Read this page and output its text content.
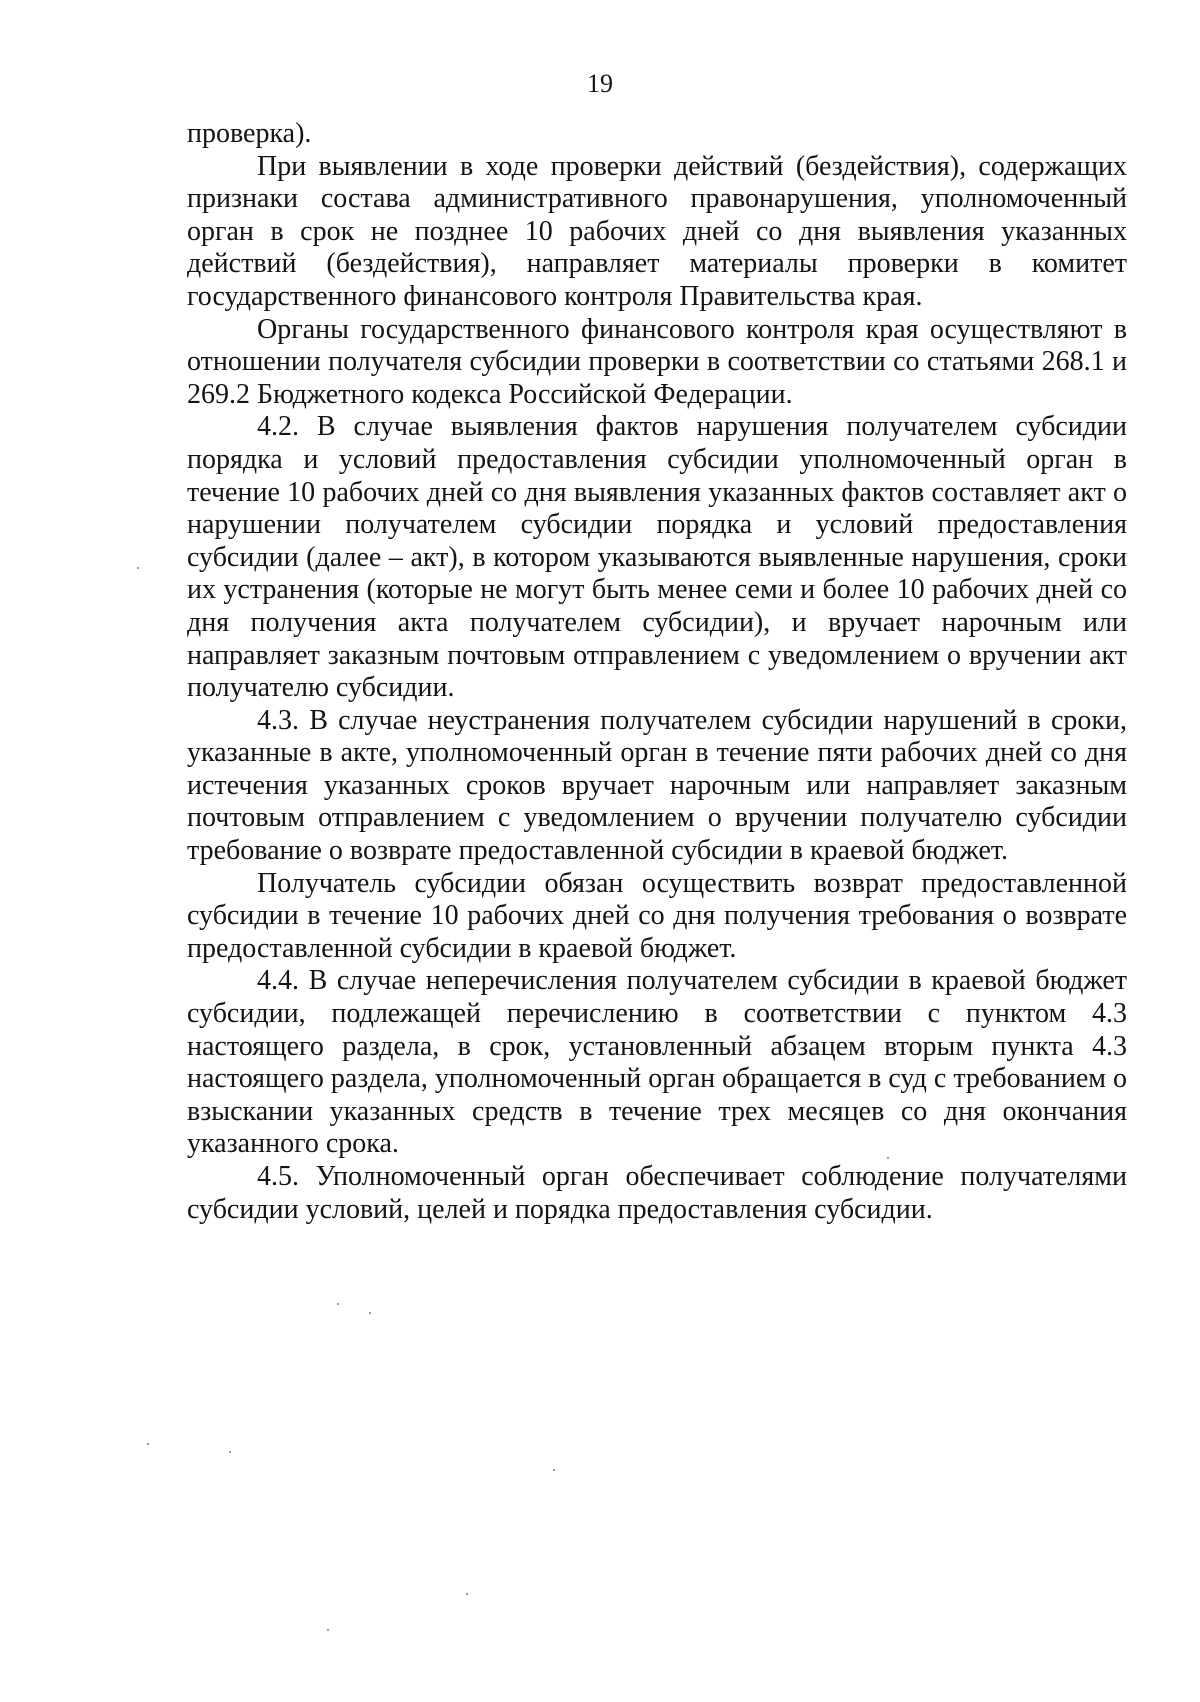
19

проверка).

При выявлении в ходе проверки действий (бездействия), содержащих признаки состава административного правонарушения, уполномоченный орган в срок не позднее 10 рабочих дней со дня выявления указанных действий (бездействия), направляет материалы проверки в комитет государственного финансового контроля Правительства края.

Органы государственного финансового контроля края осуществляют в отношении получателя субсидии проверки в соответствии со статьями 268.1 и 269.2 Бюджетного кодекса Российской Федерации.

4.2. В случае выявления фактов нарушения получателем субсидии порядка и условий предоставления субсидии уполномоченный орган в течение 10 рабочих дней со дня выявления указанных фактов составляет акт о нарушении получателем субсидии порядка и условий предоставления субсидии (далее – акт), в котором указываются выявленные нарушения, сроки их устранения (которые не могут быть менее семи и более 10 рабочих дней со дня получения акта получателем субсидии), и вручает нарочным или направляет заказным почтовым отправлением с уведомлением о вручении акт получателю субсидии.

4.3. В случае неустранения получателем субсидии нарушений в сроки, указанные в акте, уполномоченный орган в течение пяти рабочих дней со дня истечения указанных сроков вручает нарочным или направляет заказным почтовым отправлением с уведомлением о вручении получателю субсидии требование о возврате предоставленной субсидии в краевой бюджет.

Получатель субсидии обязан осуществить возврат предоставленной субсидии в течение 10 рабочих дней со дня получения требования о возврате предоставленной субсидии в краевой бюджет.

4.4. В случае неперечисления получателем субсидии в краевой бюджет субсидии, подлежащей перечислению в соответствии с пунктом 4.3 настоящего раздела, в срок, установленный абзацем вторым пункта 4.3 настоящего раздела, уполномоченный орган обращается в суд с требованием о взыскании указанных средств в течение трех месяцев со дня окончания указанного срока.

4.5. Уполномоченный орган обеспечивает соблюдение получателями субсидии условий, целей и порядка предоставления субсидии.
